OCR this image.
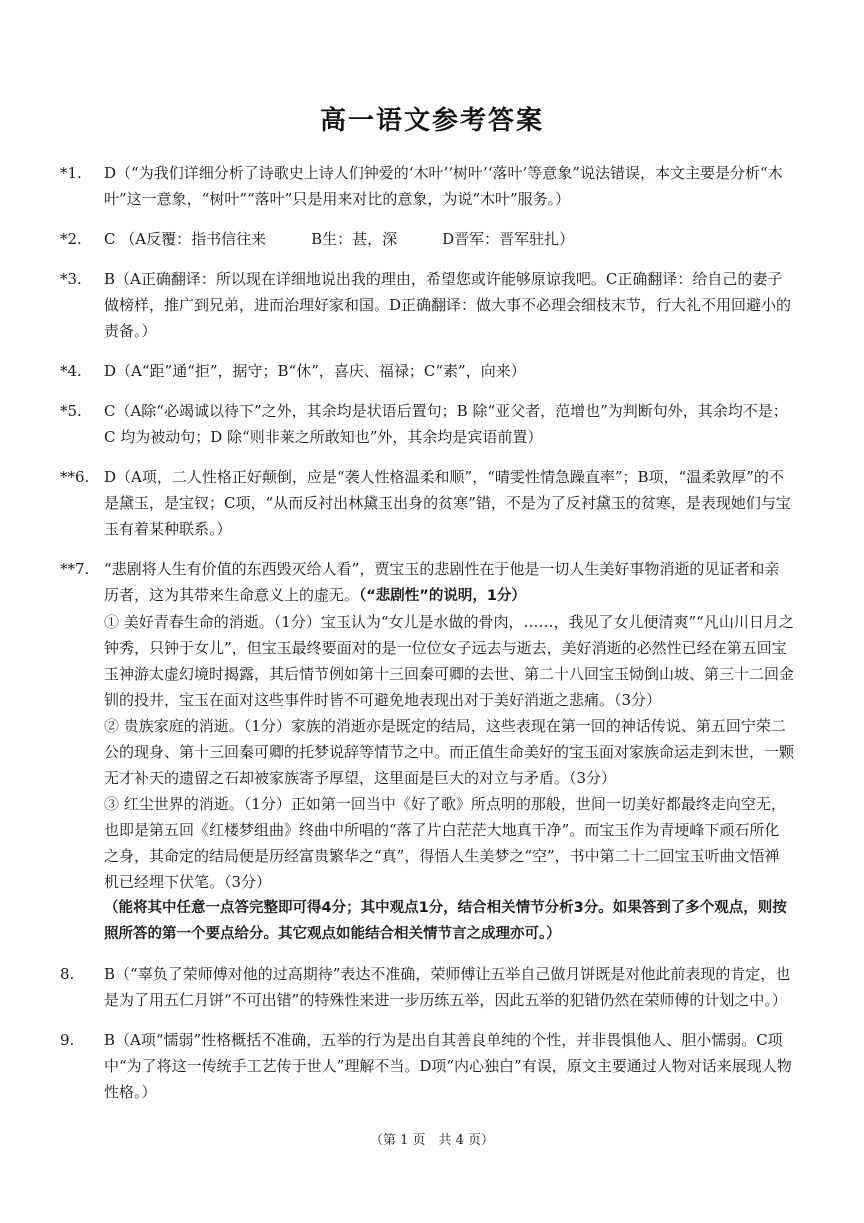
高一语文参考答案
*1.	D（“为我们详细分析了诗歌史上诗人们钟爱的‘木叶’‘树叶’‘落叶’等意象”说法错误，本文主要是分析“木叶”这一意象，“树叶”“落叶”只是用来对比的意象，为说“木叶”服务。）
*2.	C （A反覆：指书信往来　　　B生：甚，深　　　D晋军：晋军驻扎）
*3.	B（A正确翻译：所以现在详细地说出我的理由，希望您或许能够原谅我吧。C正确翻译：给自己的妻子做榜样，推广到兄弟，进而治理好家和国。D正确翻译：做大事不必理会细枝末节，行大礼不用回避小的责备。）
*4.	D（A“距”通“拒”，据守；B“休”，喜庆、福禄；C“素”，向来）
*5.	C（A除“必竭诚以待下”之外，其余均是状语后置句；B 除“亚父者，范增也”为判断句外，其余均不是；C 均为被动句；D 除“则非莱之所敢知也”外，其余均是宾语前置）
**6. D（A项，二人性格正好颠倒，应是“袭人性格温柔和顺”，“晴雯性情急躁直率”；B项，“温柔敦厚”的不是黛玉，是宝钗；C项，“从而反衬出林黛玉出身的贫寒”错，不是为了反衬黛玉的贫寒，是表现她们与宝玉有着某种联系。）
**7. “悲剧将人生有价值的东西毁灭给人看”，贾宝玉的悲剧性在于他是一切人生美好事物消逝的见证者和亲历者，这为其带来生命意义上的虚无。（“悲剧性”的说明，1分）
① 美好青春生命的消逝。（1分）宝玉认为“女儿是水做的骨肉，……，我见了女儿便清爽”“凡山川日月之钟秀，只钟于女儿”，但宝玉最终要面对的是一位位女子远去与逝去，美好消逝的必然性已经在第五回宝玉神游太虚幻境时揭露，其后情节例如第十三回秦可卿的去世、第二十八回宝玉恸倒山坡、第三十二回金钏的投井，宝玉在面对这些事件时皆不可避免地表现出对于美好消逝之悲痛。（3分）
② 贵族家庭的消逝。（1分）家族的消逝亦是既定的结局，这些表现在第一回的神话传说、第五回宁荣二公的现身、第十三回秦可卿的托梦说辞等情节之中。而正值生命美好的宝玉面对家族命运走到末世，一颗无才补天的遗留之石却被家族寄予厚望，这里面是巨大的对立与矛盾。（3分）
③ 红尘世界的消逝。（1分）正如第一回当中《好了歌》所点明的那般，世间一切美好都最终走向空无，也即是第五回《红楼梦组曲》终曲中所唱的“落了片白茫茫大地真干净”。而宝玉作为青埂峰下顽石所化之身，其命定的结局便是历经富贵繁华之“真”，得悟人生美梦之“空”，书中第二十二回宝玉听曲文悟禅机已经埋下伏笔。（3分）
（能将其中任意一点答完整即可得4分；其中观点1分，结合相关情节分析3分。如果答到了多个观点，则按照所答的第一个要点给分。其它观点如能结合相关情节言之成理亦可。）
8.	B（“辜负了荣师傅对他的过高期待”表达不准确，荣师傅让五举自己做月饼既是对他此前表现的肯定，也是为了用五仁月饼“不可出错”的特殊性来进一步历练五举，因此五举的犯错仍然在荣师傅的计划之中。）
9.	B（A项“懦弱”性格概括不准确，五举的行为是出自其善良单纯的个性，并非畏惧他人、胆小懦弱。C项中“为了将这一传统手工艺传于世人”理解不当。D项“内心独白”有误，原文主要通过人物对话来展现人物性格。）
（第 1 页　共 4 页）
